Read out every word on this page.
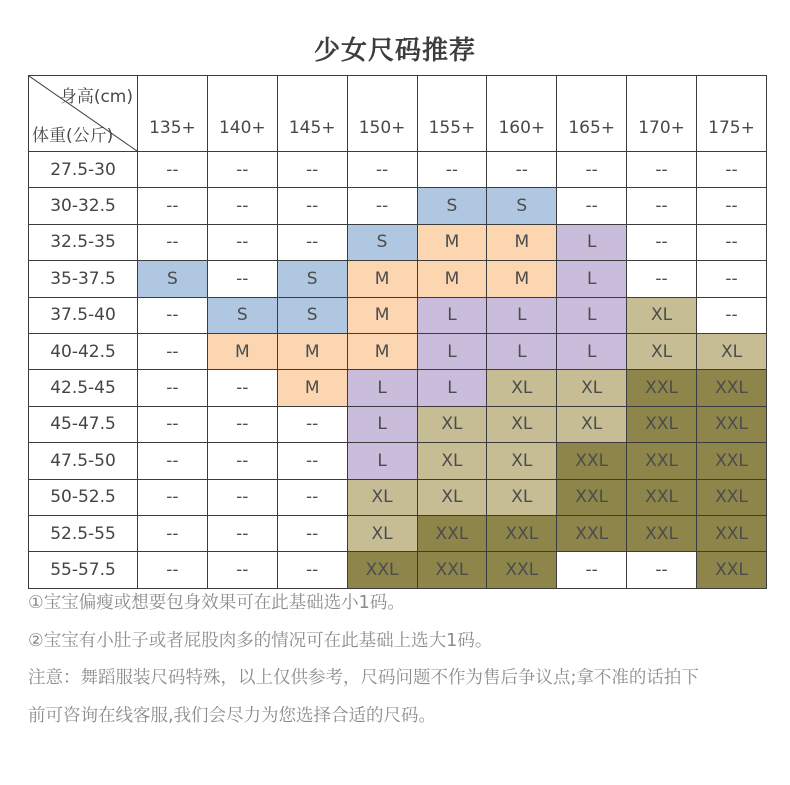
少女尺码推荐
身高(cm)
体重(公斤)	135+	140+	145+	150+	155+	160+	165+	170+	175+
27.5-30	--	--	--	--	--	--	--	--	--
30-32.5	--	--	--	--	S	S	--	--	--
32.5-35	--	--	--	S	M	M	L	--	--
35-37.5	S	--	S	M	M	M	L	--	--
37.5-40	--	S	S	M	L	L	L	XL	--
40-42.5	--	M	M	M	L	L	L	XL	XL
42.5-45	--	--	M	L	L	XL	XL	XXL	XXL
45-47.5	--	--	--	L	XL	XL	XL	XXL	XXL
47.5-50	--	--	--	L	XL	XL	XXL	XXL	XXL
50-52.5	--	--	--	XL	XL	XL	XXL	XXL	XXL
52.5-55	--	--	--	XL	XXL	XXL	XXL	XXL	XXL
55-57.5	--	--	--	XXL	XXL	XXL	--	--	XXL

①宝宝偏瘦或想要包身效果可在此基础选小1码。

②宝宝有小肚子或者屁股肉多的情况可在此基础上选大1码。

注意：舞蹈服装尺码特殊，以上仅供参考，尺码问题不作为售后争议点;拿不准的话拍下前可咨询在线客服,我们会尽力为您选择合适的尺码。
